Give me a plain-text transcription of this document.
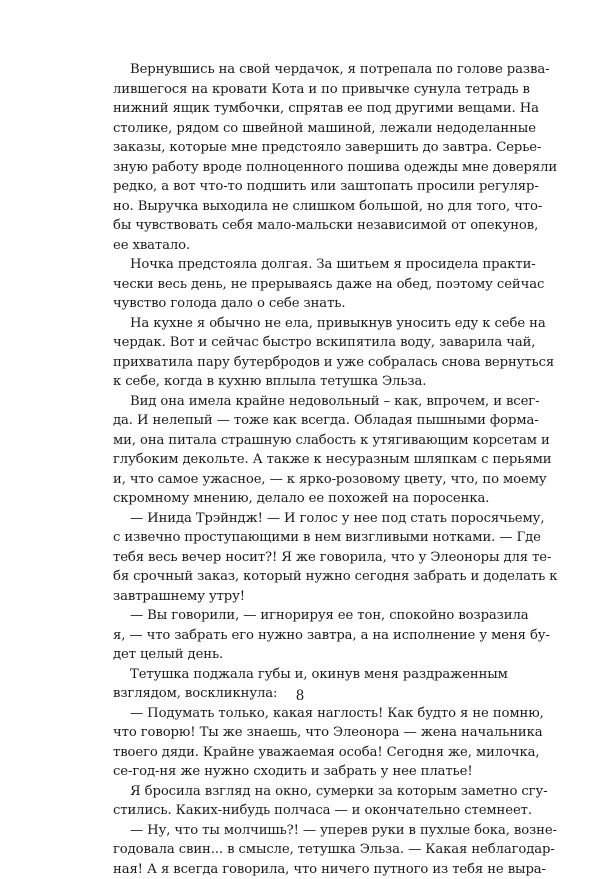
Вернувшись на свой чердачок, я потрепала по голове разва-
лившегося на кровати Кота и по привычке сунула тетрадь в
нижний ящик тумбочки, спрятав ее под другими вещами. На
столике, рядом со швейной машиной, лежали недоделанные
заказы, которые мне предстояло завершить до завтра. Серье-
зную работу вроде полноценного пошива одежды мне доверяли
редко, а вот что-то подшить или заштопать просили регуляр-
но. Выручка выходила не слишком большой, но для того, что-
бы чувствовать себя мало-мальски независимой от опекунов,
ее хватало.
Ночка предстояла долгая. За шитьем я просидела практи-
чески весь день, не прерываясь даже на обед, поэтому сейчас
чувство голода дало о себе знать.
На кухне я обычно не ела, привыкнув уносить еду к себе на
чердак. Вот и сейчас быстро вскипятила воду, заварила чай,
прихватила пару бутербродов и уже собралась снова вернуться
к себе, когда в кухню вплыла тетушка Эльза.
Вид она имела крайне недовольный – как, впрочем, и всег-
да. И нелепый — тоже как всегда. Обладая пышными форма-
ми, она питала страшную слабость к утягивающим корсетам и
глубоким декольте. А также к несуразным шляпкам с перьями
и, что самое ужасное, — к ярко-розовому цвету, что, по моему
скромному мнению, делало ее похожей на поросенка.
— Инида Трэйндж! — И голос у нее под стать поросячьему,
с извечно проступающими в нем визгливыми нотками. — Где
тебя весь вечер носит?! Я же говорила, что у Элеоноры для те-
бя срочный заказ, который нужно сегодня забрать и доделать к
завтрашнему утру!
— Вы говорили, — игнорируя ее тон, спокойно возразила
я, — что забрать его нужно завтра, а на исполнение у меня бу-
дет целый день.
Тетушка поджала губы и, окинув меня раздраженным
взглядом, воскликнула:
— Подумать только, какая наглость! Как будто я не помню,
что говорю! Ты же знаешь, что Элеонора — жена начальника
твоего дяди. Крайне уважаемая особа! Сегодня же, милочка,
се-год-ня же нужно сходить и забрать у нее платье!
Я бросила взгляд на окно, сумерки за которым заметно сгу-
стились. Каких-нибудь полчаса — и окончательно стемнеет.
— Ну, что ты молчишь?! — уперев руки в пухлые бока, возне-
годовала свин... в смысле, тетушка Эльза. — Какая неблагодар-
ная! А я всегда говорила, что ничего путного из тебя не выра-
8
